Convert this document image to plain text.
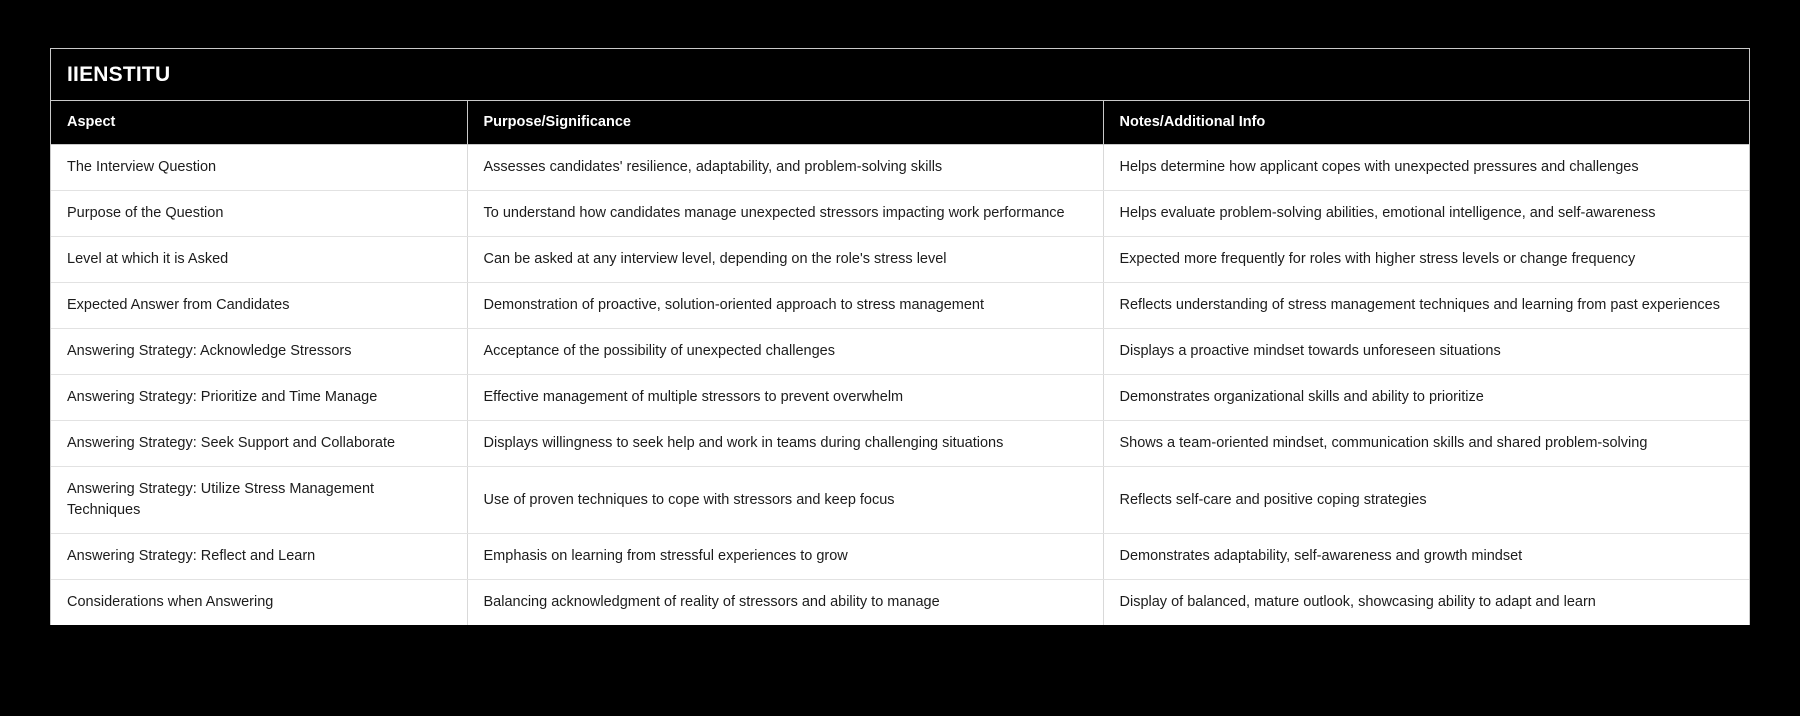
IIENSTITU
Aspect	Purpose/Significance	Notes/Additional Info
The Interview Question	Assesses candidates' resilience, adaptability, and problem-solving skills	Helps determine how applicant copes with unexpected pressures and challenges
Purpose of the Question	To understand how candidates manage unexpected stressors impacting work performance	Helps evaluate problem-solving abilities, emotional intelligence, and self-awareness
Level at which it is Asked	Can be asked at any interview level, depending on the role's stress level	Expected more frequently for roles with higher stress levels or change frequency
Expected Answer from Candidates	Demonstration of proactive, solution-oriented approach to stress management	Reflects understanding of stress management techniques and learning from past experiences
Answering Strategy: Acknowledge Stressors	Acceptance of the possibility of unexpected challenges	Displays a proactive mindset towards unforeseen situations
Answering Strategy: Prioritize and Time Manage	Effective management of multiple stressors to prevent overwhelm	Demonstrates organizational skills and ability to prioritize
Answering Strategy: Seek Support and Collaborate	Displays willingness to seek help and work in teams during challenging situations	Shows a team-oriented mindset, communication skills and shared problem-solving
Answering Strategy: Utilize Stress Management Techniques	Use of proven techniques to cope with stressors and keep focus	Reflects self-care and positive coping strategies
Answering Strategy: Reflect and Learn	Emphasis on learning from stressful experiences to grow	Demonstrates adaptability, self-awareness and growth mindset
Considerations when Answering	Balancing acknowledgment of reality of stressors and ability to manage	Display of balanced, mature outlook, showcasing ability to adapt and learn
